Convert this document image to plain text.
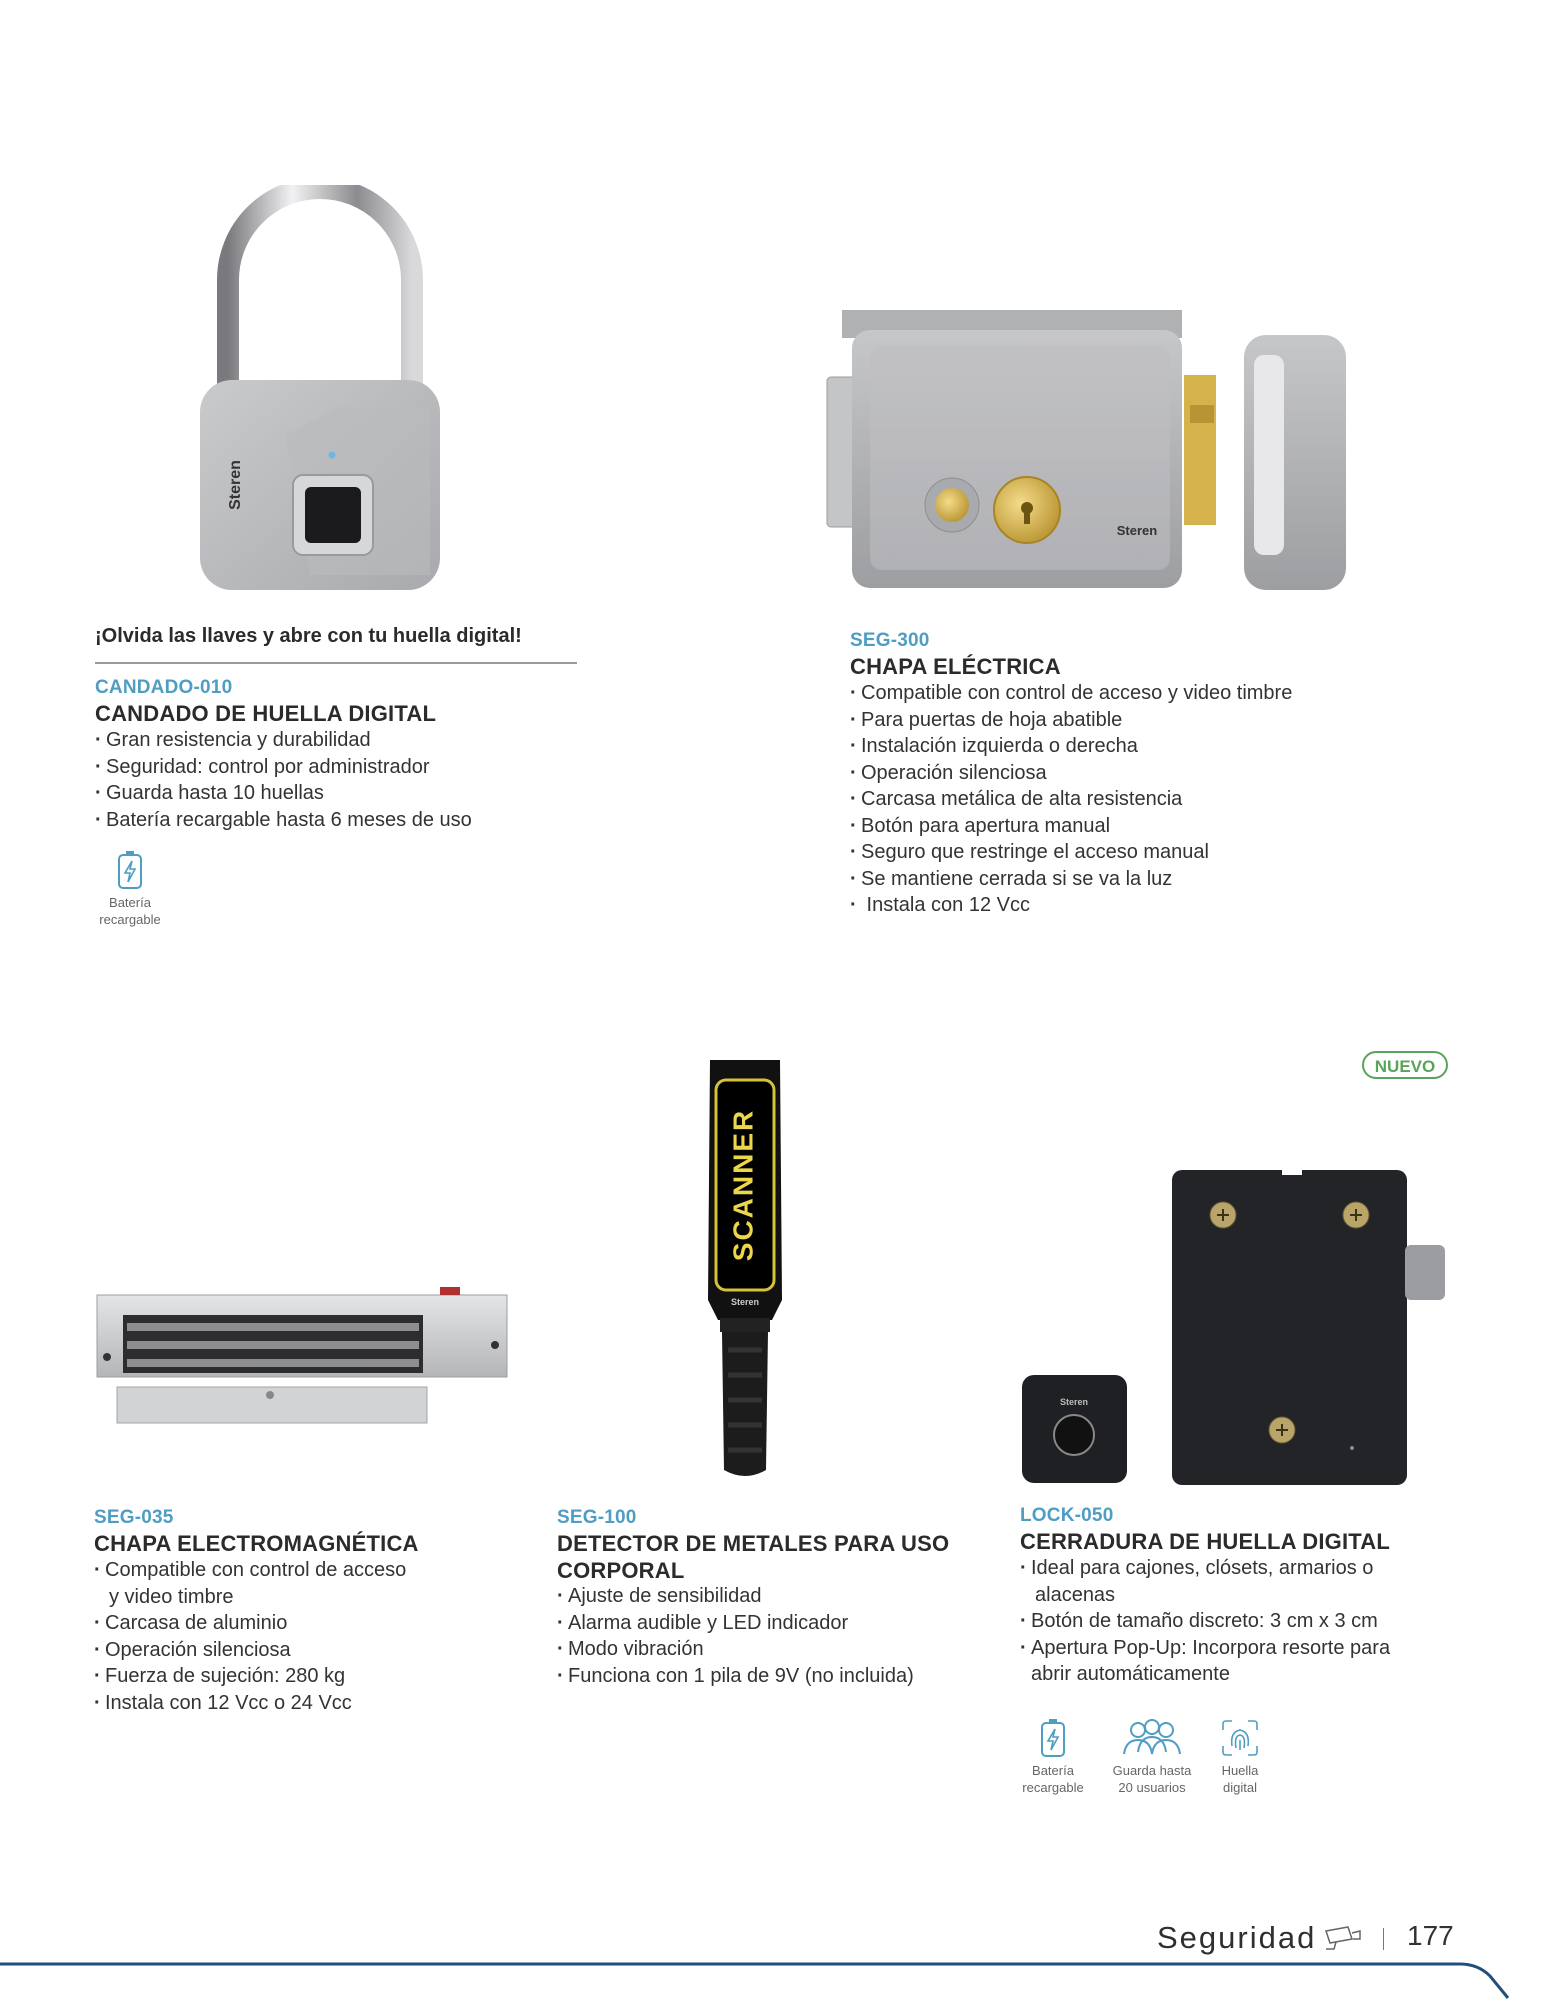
Steren
¡Olvida las llaves y abre con tu huella digital!
CANDADO-010
CANDADO DE HUELLA DIGITAL
· Gran resistencia y durabilidad
· Seguridad: control por administrador
· Guarda hasta 10 huellas
· Batería recargable hasta 6 meses de uso
Batería
recargable
Steren
SEG-300
CHAPA ELÉCTRICA
· Compatible con control de acceso y video timbre
· Para puertas de hoja abatible
· Instalación izquierda o derecha
· Operación silenciosa
· Carcasa metálica de alta resistencia
· Botón para apertura manual
· Seguro que restringe el acceso manual
· Se mantiene cerrada si se va la luz
·  Instala con 12 Vcc
SEG-035
CHAPA ELECTROMAGNÉTICA
· Compatible con control de acceso
y video timbre
· Carcasa de aluminio
· Operación silenciosa
· Fuerza de sujeción: 280 kg
· Instala con 12 Vcc o 24 Vcc
SCANNER
Steren
SEG-100
DETECTOR DE METALES PARA USO
CORPORAL
· Ajuste de sensibilidad
· Alarma audible y LED indicador
· Modo vibración
· Funciona con 1 pila de 9V (no incluida)
NUEVO
Steren
LOCK-050
CERRADURA DE HUELLA DIGITAL
· Ideal para cajones, clósets, armarios o
alacenas
· Botón de tamaño discreto: 3 cm x 3 cm
· Apertura Pop-Up: Incorpora resorte para
abrir automáticamente
Batería
recargable
Guarda hasta
20 usuarios
Huella
digital
Seguridad	177
